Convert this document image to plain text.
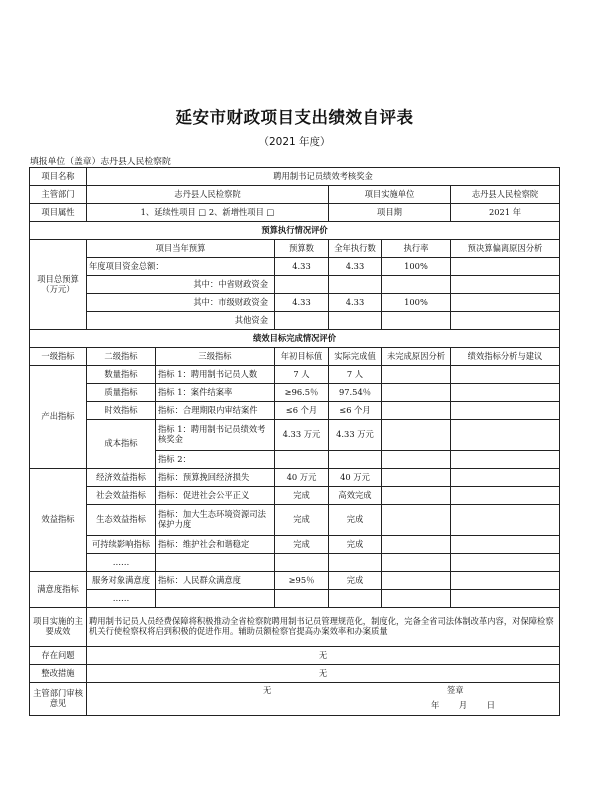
延安市财政项目支出绩效自评表
（2021 年度）
填报单位（盖章）志丹县人民检察院
项目名称	聘用制书记员绩效考核奖金					
主管部门	志丹县人民检察院			项目实施单位		志丹县人民检察院
项目属性	1、延续性项目 □ 2、新增性项目 □			项目期		2021 年
预算执行情况评价						
项目总预算（万元）	项目当年预算		预算数	全年执行数	执行率	预决算偏离原因分析
	年度项目资金总额：		4.33	4.33	100%	
	其中：中省财政资金					
	其中：市级财政资金		4.33	4.33	100%	
	其他资金					
绩效目标完成情况评价						
一级指标	二级指标	三级指标	年初目标值	实际完成值	未完成原因分析	绩效指标分析与建议
产出指标	数量指标	指标 1：聘用制书记员人数	7 人	7 人		
	质量指标	指标 1：案件结案率	≥96.5％	97.54％		
	时效指标	指标：合理期限内审结案件	≤6 个月	≤6 个月		
	成本指标	指标 1：聘用制书记员绩效考核奖金	4.33 万元	4.33 万元		
		指标 2：				
效益指标	经济效益指标	指标：预算挽回经济损失	40 万元	40 万元		
	社会效益指标	指标：促进社会公平正义	完成	高效完成		
	生态效益指标	指标：加大生态环境资源司法保护力度	完成	完成		
	可持续影响指标	指标：维护社会和谐稳定	完成	完成		
	……					
满意度指标	服务对象满意度	指标：人民群众满意度	≥95％	完成		
	……					
项目实施的主要成效	聘用制书记员人员经费保障将积极推动全省检察院聘用制书记员管理规范化，制度化，完备全省司法体制改革内容，对保障检察机关行使检察权将启到积极的促进作用。辅助员额检察官提高办案效率和办案质量					
存在问题	无					
整改措施	无					
主管部门审核意见	无 签章
年　　月　　日					
